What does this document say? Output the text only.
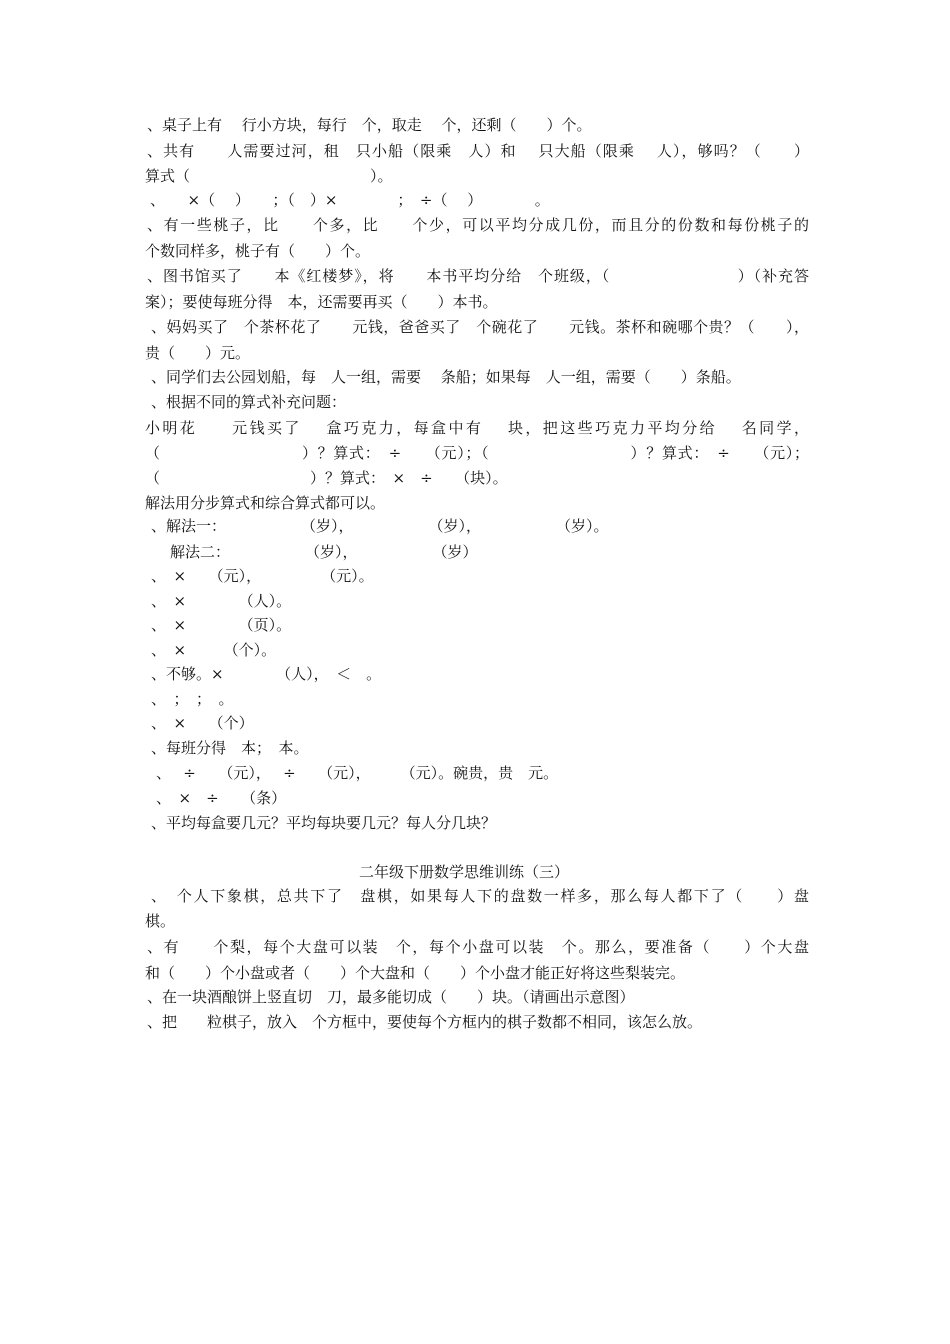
、桌子上有　 行小方块，每行　个，取走　 个，还剩（　　）个。
、共有　　人需要过河，租　只小船（限乘　人）和　 只大船（限乘　 人），够吗？（　　）
算式（　　　　　　　　　　　　）。
、　　×（　 ）　　；（　）×　　　　；　÷（　 ）　　　　。
、有一些桃子，比　　个多，比　　个少，可以平均分成几份，而且分的份数和每份桃子的
个数同样多，桃子有（　　）个。
、图书馆买了　　本《红楼梦》，将　　本书平均分给　个班级，（　　　　　　　　）（补充答
案）；要使每班分得　本，还需要再买（　　）本书。
、妈妈买了　个茶杯花了　　元钱，爸爸买了　个碗花了　　元钱。茶杯和碗哪个贵？（　　），
贵（　　）元。
、同学们去公园划船，每　人一组，需要　 条船；如果每　人一组，需要（　　）条船。
、根据不同的算式补充问题：
小明花　　元钱买了　 盒巧克力，每盒中有　 块，把这些巧克力平均分给　 名同学，
（　　　　　　　　　）？算式：　÷　　（元）；（　　　　　　　　　）？算式：　÷　　（元）；
（　　　　　　　　　　）？算式：　×　÷　　（块）。
解法用分步算式和综合算式都可以。
、解法一：　　　　　　（岁），　　　　　　（岁），　　　　　　（岁）。
解法二：　　　　　　（岁），　　　　　　（岁）
、　×　　（元），　　　　　（元）。
、　×　　　　（人）。
、　×　　　　（页）。
、　×　　　（个）。
、不够。×　　　　（人），　＜　。
、　；　；　。
、　×　　（个）
、每班分得　本；　本。
、　 ÷　　（元），　 ÷　　（元），　　　（元）。碗贵，贵　元。
、　×　÷　　（条）
、平均每盒要几元？平均每块要几元？每人分几块？
二年级下册数学思维训练（三）
、　个人下象棋，总共下了　盘棋，如果每人下的盘数一样多，那么每人都下了（　　）盘
棋。
、有　　个梨，每个大盘可以装　个，每个小盘可以装　个。那么，要准备（　　）个大盘
和（　　）个小盘或者（　　）个大盘和（　　）个小盘才能正好将这些梨装完。
、在一块酒酿饼上竖直切　刀，最多能切成（　　）块。（请画出示意图）
、把　　粒棋子，放入　个方框中，要使每个方框内的棋子数都不相同，该怎么放。
